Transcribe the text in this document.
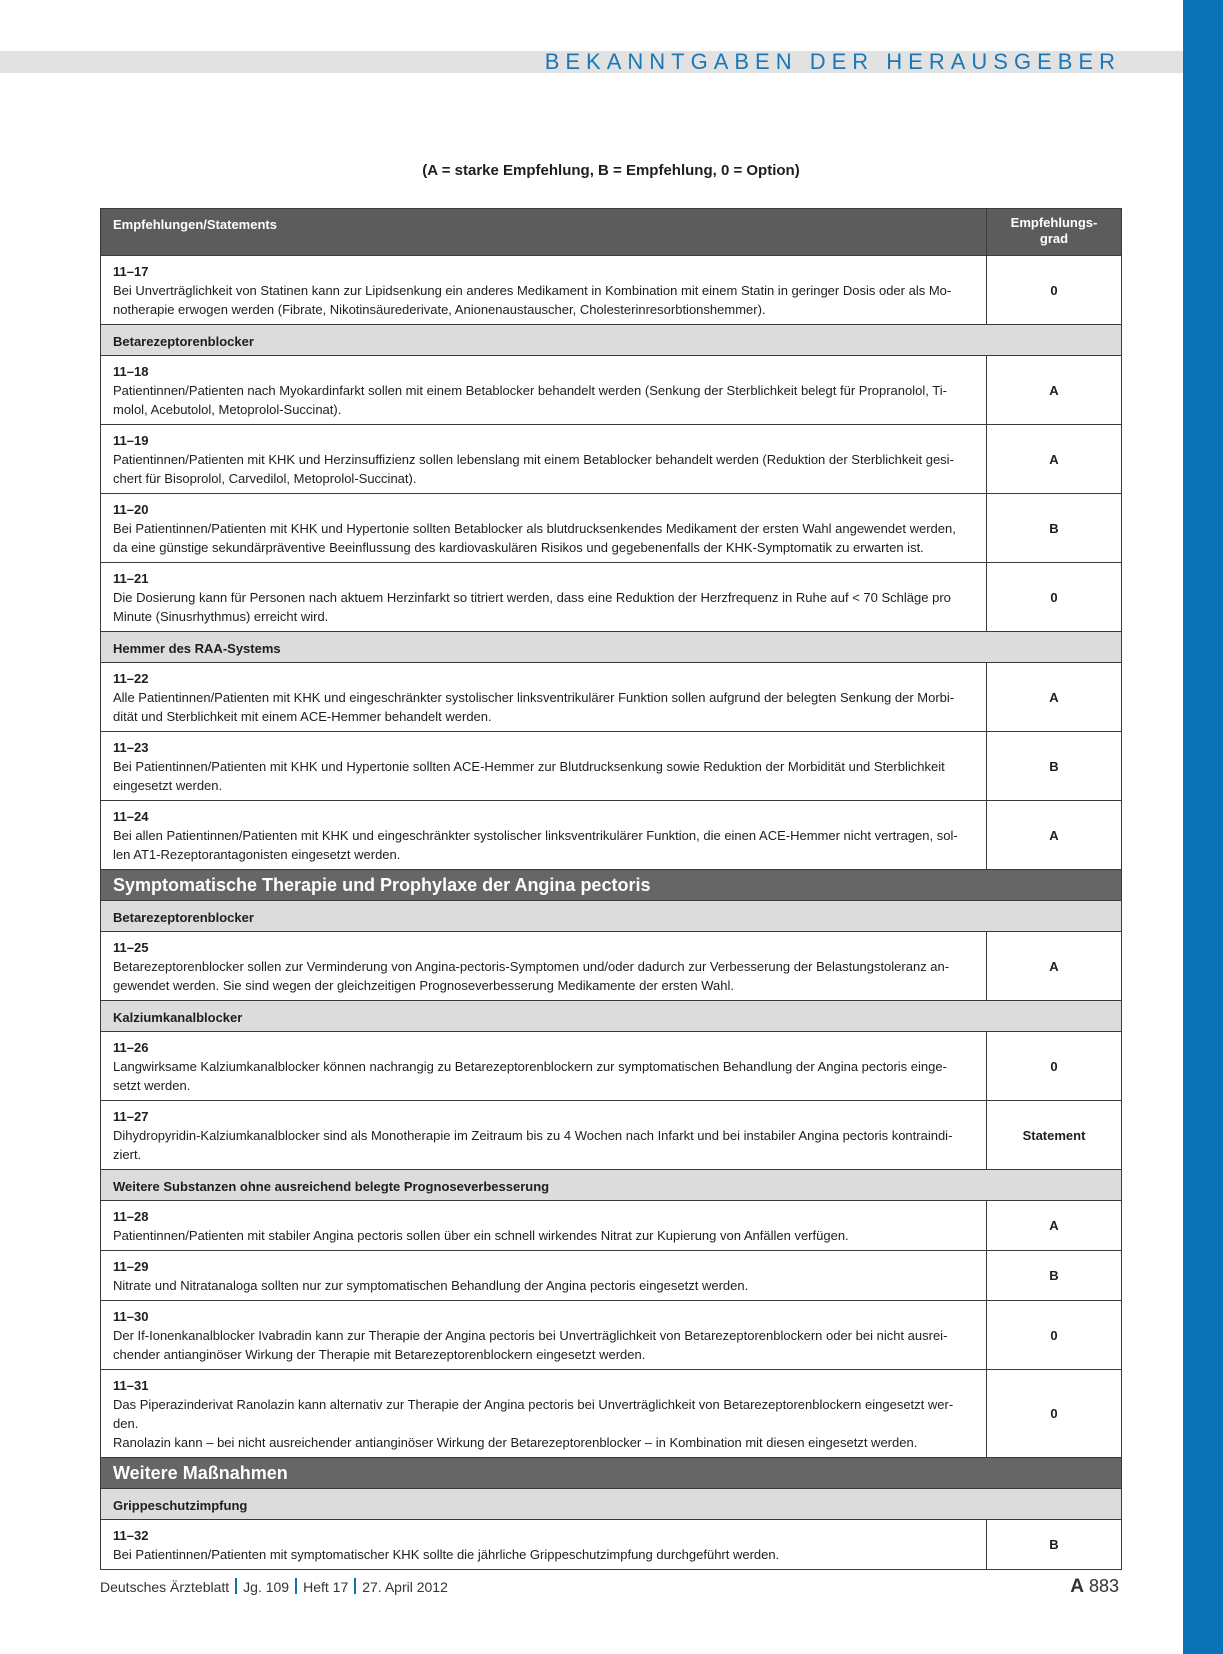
BEKANNTGABEN DER HERAUSGEBER
(A = starke Empfehlung, B = Empfehlung, 0 = Option)
Empfehlungen/Statements	Empfehlungs-
grad

11–17
Bei Unverträglichkeit von Statinen kann zur Lipidsenkung ein anderes Medikament in Kombination mit einem Statin in geringer Dosis oder als Mo-
notherapie erwogen werden (Fibrate, Nikotinsäurederivate, Anionenaustauscher, Cholesterinresorbtionshemmer).	0
Betarezeptorenblocker	

11–18
Patientinnen/Patienten nach Myokardinfarkt sollen mit einem Betablocker behandelt werden (Senkung der Sterblichkeit belegt für Propranolol, Ti-
molol, Acebutolol, Metoprolol-Succinat).	A

11–19
Patientinnen/Patienten mit KHK und Herzinsuffizienz sollen lebenslang mit einem Betablocker behandelt werden (Reduktion der Sterblichkeit gesi-
chert für Bisoprolol, Carvedilol, Metoprolol-Succinat).	A

11–20
Bei Patientinnen/Patienten mit KHK und Hypertonie sollten Betablocker als blutdrucksenkendes Medikament der ersten Wahl angewendet werden,
da eine günstige sekundärpräventive Beeinflussung des kardiovaskulären Risikos und gegebenenfalls der KHK-Symptomatik zu erwarten ist.	B

11–21
Die Dosierung kann für Personen nach aktuem Herzinfarkt so titriert werden, dass eine Reduktion der Herzfrequenz in Ruhe auf < 70 Schläge pro
Minute (Sinusrhythmus) erreicht wird.	0
Hemmer des RAA-Systems	

11–22
Alle Patientinnen/Patienten mit KHK und eingeschränkter systolischer linksventrikulärer Funktion sollen aufgrund der belegten Senkung der Morbi-
dität und Sterblichkeit mit einem ACE-Hemmer behandelt werden.	A

11–23
Bei Patientinnen/Patienten mit KHK und Hypertonie sollten ACE-Hemmer zur Blutdrucksenkung sowie Reduktion der Morbidität und Sterblichkeit
eingesetzt werden.	B

11–24
Bei allen Patientinnen/Patienten mit KHK und eingeschränkter systolischer linksventrikulärer Funktion, die einen ACE-Hemmer nicht vertragen, sol-
len AT1-Rezeptorantagonisten eingesetzt werden.	A
Symptomatische Therapie und Prophylaxe der Angina pectoris	
Betarezeptorenblocker	

11–25
Betarezeptorenblocker sollen zur Verminderung von Angina-pectoris-Symptomen und/oder dadurch zur Verbesserung der Belastungstoleranz an-
gewendet werden. Sie sind wegen der gleichzeitigen Prognoseverbesserung Medikamente der ersten Wahl.	A
Kalziumkanalblocker	

11–26
Langwirksame Kalziumkanalblocker können nachrangig zu Betarezeptorenblockern zur symptomatischen Behandlung der Angina pectoris einge-
setzt werden.	0

11–27
Dihydropyridin-Kalziumkanalblocker sind als Monotherapie im Zeitraum bis zu 4 Wochen nach Infarkt und bei instabiler Angina pectoris kontraindi-
ziert.	Statement
Weitere Substanzen ohne ausreichend belegte Prognoseverbesserung	

11–28
Patientinnen/Patienten mit stabiler Angina pectoris sollen über ein schnell wirkendes Nitrat zur Kupierung von Anfällen verfügen.	A

11–29
Nitrate und Nitratanaloga sollten nur zur symptomatischen Behandlung der Angina pectoris eingesetzt werden.	B

11–30
Der If-Ionenkanalblocker Ivabradin kann zur Therapie der Angina pectoris bei Unverträglichkeit von Betarezeptorenblockern oder bei nicht ausrei-
chender antianginöser Wirkung der Therapie mit Betarezeptorenblockern eingesetzt werden.	0

11–31
Das Piperazinderivat Ranolazin kann alternativ zur Therapie der Angina pectoris bei Unverträglichkeit von Betarezeptorenblockern eingesetzt wer-
den.
Ranolazin kann – bei nicht ausreichender antianginöser Wirkung der Betarezeptorenblocker – in Kombination mit diesen eingesetzt werden.	0
Weitere Maßnahmen	
Grippeschutzimpfung	

11–32
Bei Patientinnen/Patienten mit symptomatischer KHK sollte die jährliche Grippeschutzimpfung durchgeführt werden.	B
Deutsches Ärzteblatt Jg. 109 Heft 17 27. April 2012	A 883
